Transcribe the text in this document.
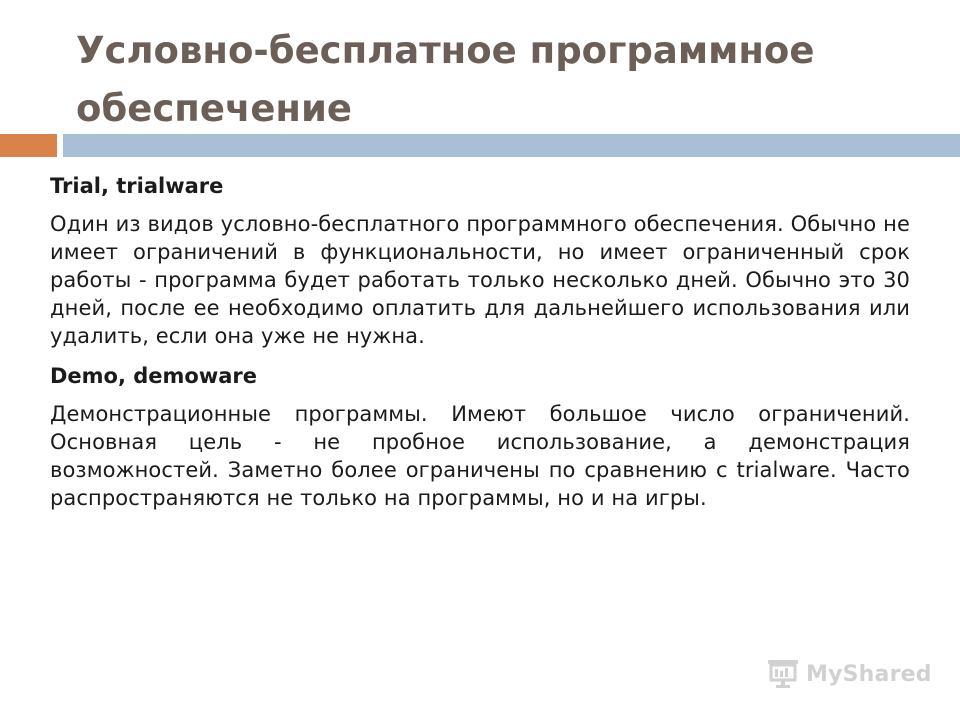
Условно-бесплатное программное обеспечение
Trial, trialware
Один из видов условно-бесплатного программного обеспечения. Обычно не имеет ограничений в функциональности, но имеет ограниченный срок работы - программа будет работать только несколько дней. Обычно это 30 дней, после ее необходимо оплатить для дальнейшего использования или удалить, если она уже не нужна.
Demo, demoware
Демонстрационные программы. Имеют большое число ограничений. Основная цель - не пробное использование, а демонстрация возможностей. Заметно более ограничены по сравнению с trialware. Часто распространяются не только на программы, но и на игры.
MyShared
